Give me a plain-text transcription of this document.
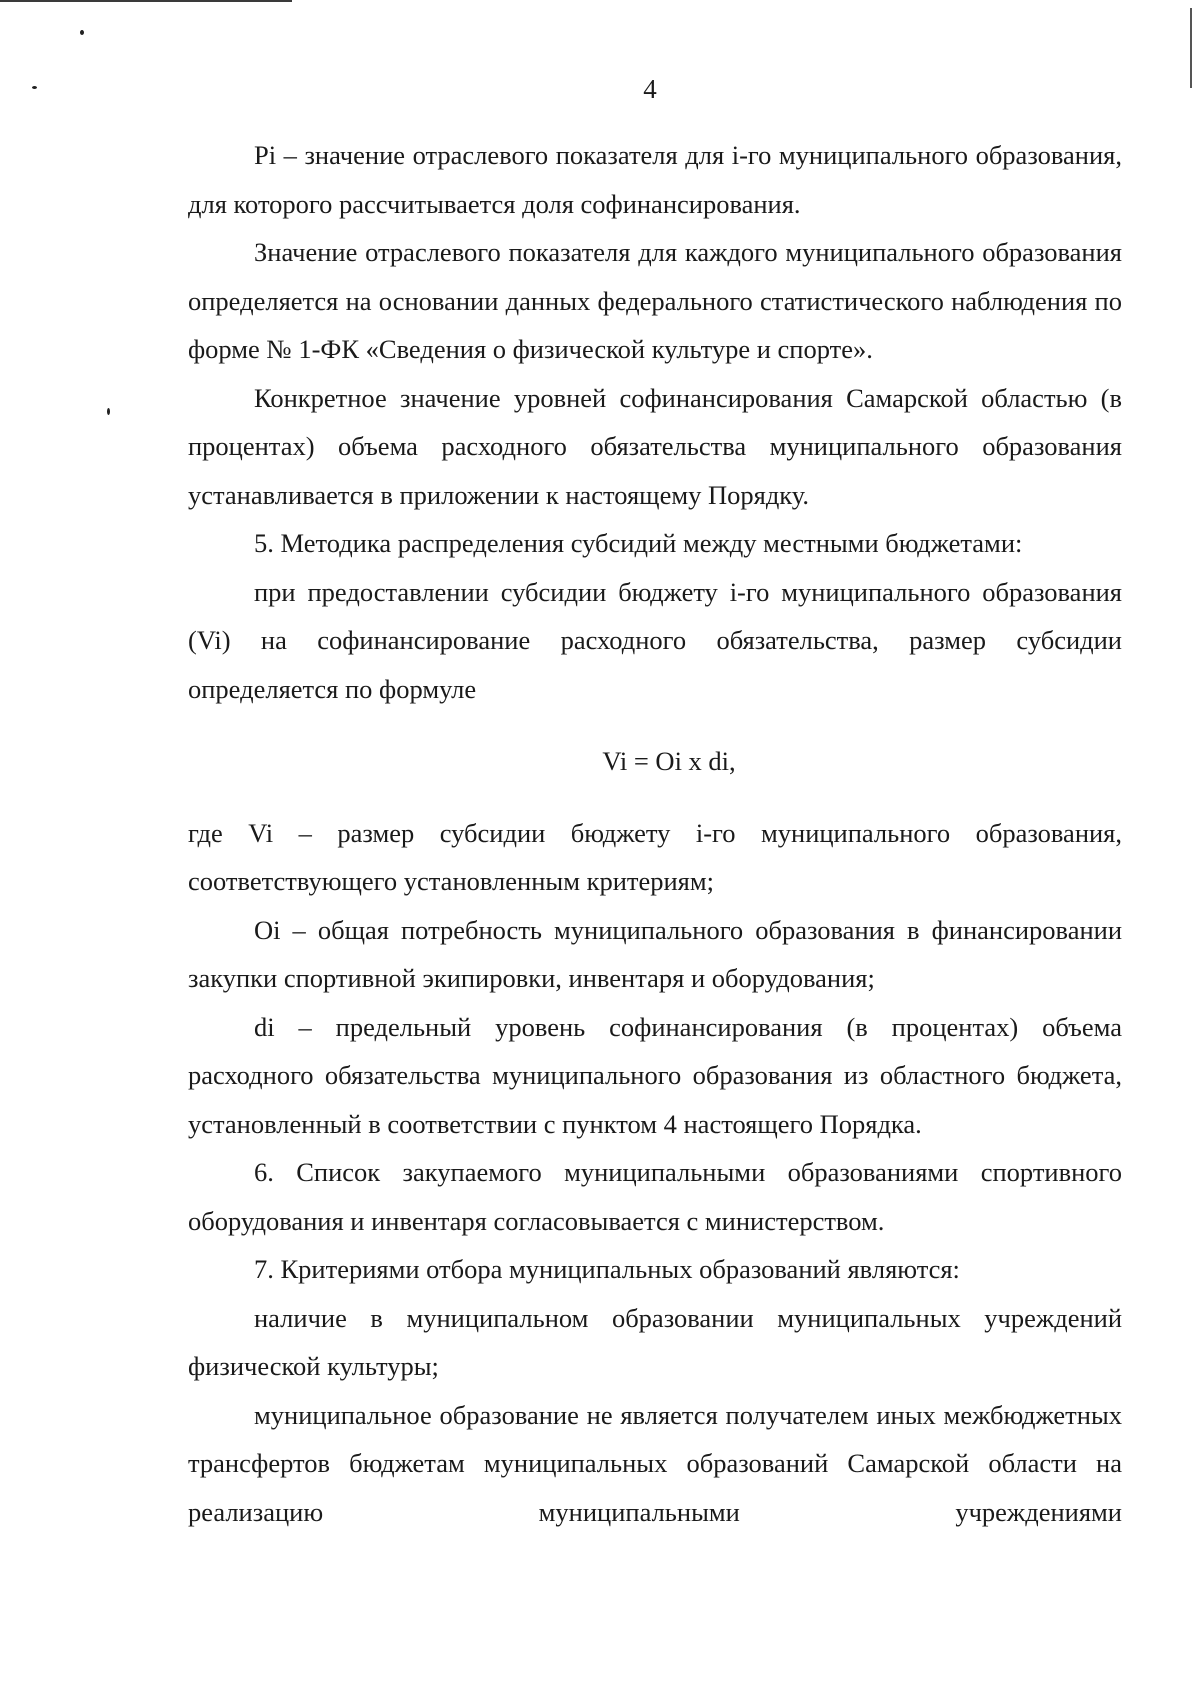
4

Pi – значение отраслевого показателя для i-го муниципального образования, для которого рассчитывается доля софинансирования.

Значение отраслевого показателя для каждого муниципального образования определяется на основании данных федерального статистического наблюдения по форме № 1-ФК «Сведения о физической культуре и спорте».

Конкретное значение уровней софинансирования Самарской областью (в процентах) объема расходного обязательства муниципального образования устанавливается в приложении к настоящему Порядку.

5. Методика распределения субсидий между местными бюджетами:

при предоставлении субсидии бюджету i-го муниципального образования (Vi) на софинансирование расходного обязательства, размер субсидии определяется по формуле

Vi = Oi x di,

где Vi – размер субсидии бюджету i-го муниципального образования, соответствующего установленным критериям;

Oi – общая потребность муниципального образования в финансировании закупки спортивной экипировки, инвентаря и оборудования;

di – предельный уровень софинансирования (в процентах) объема расходного обязательства муниципального образования из областного бюджета, установленный в соответствии с пунктом 4 настоящего Порядка.

6. Список закупаемого муниципальными образованиями спортивного оборудования и инвентаря согласовывается с министерством.

7. Критериями отбора муниципальных образований являются:

наличие в муниципальном образовании муниципальных учреждений физической культуры;

муниципальное образование не является получателем иных межбюджетных трансфертов бюджетам муниципальных образований Самарской области на реализацию муниципальными учреждениями
